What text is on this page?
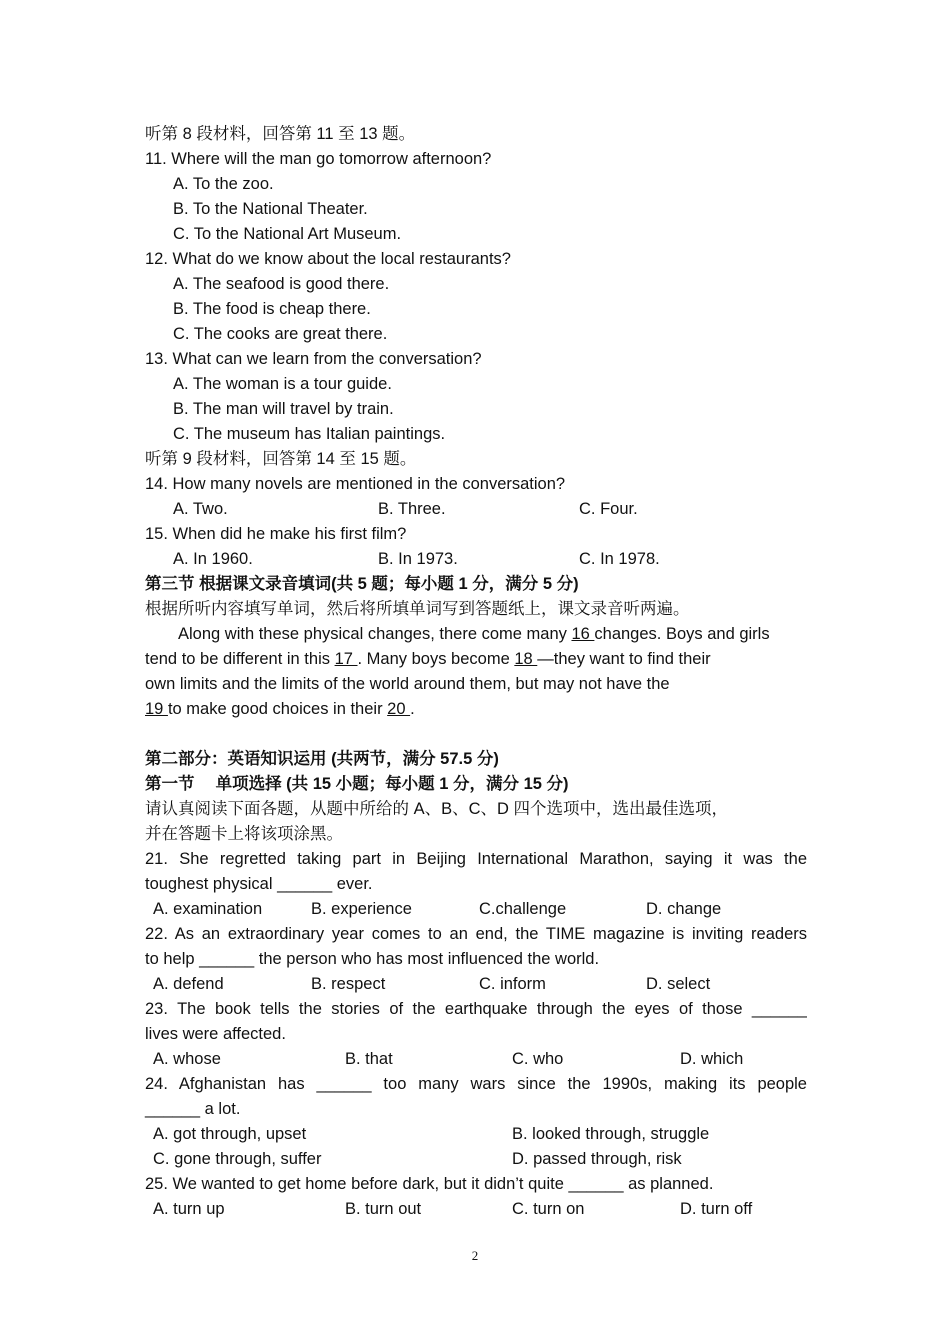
听第 8 段材料，回答第 11 至 13 题。
11. Where will the man go tomorrow afternoon?
A. To the zoo.
B. To the National Theater.
C. To the National Art Museum.
12. What do we know about the local restaurants?
A. The seafood is good there.
B. The food is cheap there.
C. The cooks are great there.
13. What can we learn from the conversation?
A. The woman is a tour guide.
B. The man will travel by train.
C. The museum has Italian paintings.
听第 9 段材料，回答第 14 至 15 题。
14. How many novels are mentioned in the conversation?
A. Two.	B. Three.	C. Four.
15. When did he make his first film?
A. In 1960.	B. In 1973.	C. In 1978.
第三节 根据课文录音填词(共 5 题；每小题 1 分，满分 5 分)
根据所听内容填写单词，然后将所填单词写到答题纸上，课文录音听两遍。
Along with these physical changes, there come many 16 changes. Boys and girls
tend to be different in this 17 . Many boys become 18 —they want to find their
own limits and the limits of the world around them, but may not have the
19 to make good choices in their 20 .
第二部分：英语知识运用 (共两节，满分 57.5 分)
第一节　 单项选择 (共 15 小题；每小题 1 分，满分 15 分)
请认真阅读下面各题，从题中所给的 A、B、C、D 四个选项中，选出最佳选项，
并在答题卡上将该项涂黑。
21. She regretted taking part in Beijing International Marathon, saying it was the
toughest physical ______ ever.
A. examination	B. experience	C.challenge	D. change
22. As an extraordinary year comes to an end, the TIME magazine is inviting readers
to help ______ the person who has most influenced the world.
A. defend	B. respect	C. inform	D. select
23. The book tells the stories of the earthquake through the eyes of those ______
lives were affected.
A. whose	B. that	C. who	D. which
24. Afghanistan has ______ too many wars since the 1990s, making its people
______ a lot.
A. got through, upset	B. looked through, struggle
C. gone through, suffer	D. passed through, risk
25. We wanted to get home before dark, but it didn’t quite ______ as planned.
A. turn up	B. turn out	C. turn on	D. turn off
2
